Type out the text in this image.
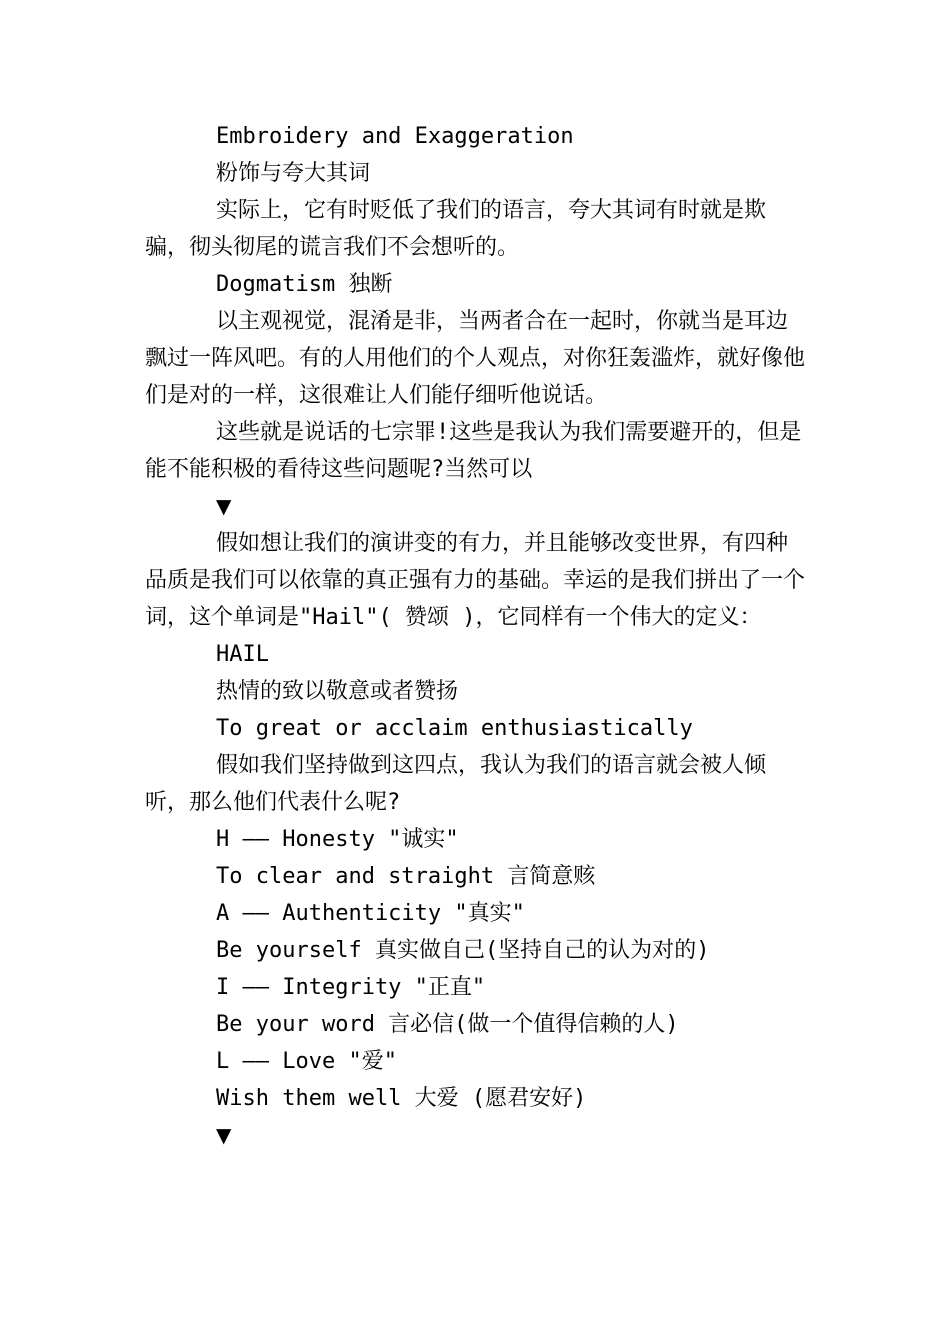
Embroidery and Exaggeration

粉饰与夸大其词

实际上，它有时贬低了我们的语言，夸大其词有时就是欺骗，彻头彻尾的谎言我们不会想听的。

Dogmatism 独断

以主观视觉，混淆是非，当两者合在一起时，你就当是耳边飘过一阵风吧。有的人用他们的个人观点，对你狂轰滥炸，就好像他们是对的一样，这很难让人们能仔细听他说话。

这些就是说话的七宗罪!这些是我认为我们需要避开的，但是能不能积极的看待这些问题呢?当然可以

▼

假如想让我们的演讲变的有力，并且能够改变世界，有四种品质是我们可以依靠的真正强有力的基础。幸运的是我们拼出了一个词，这个单词是"Hail"( 赞颂 )，它同样有一个伟大的定义：

HAIL

热情的致以敬意或者赞扬

To great or acclaim enthusiastically

假如我们坚持做到这四点，我认为我们的语言就会被人倾听，那么他们代表什么呢?

H —— Honesty "诚实"

To clear and straight 言简意赅

A —— Authenticity "真实"

Be yourself 真实做自己(坚持自己的认为对的)

I —— Integrity "正直"

Be your word 言必信(做一个值得信赖的人)

L —— Love "爱"

Wish them well 大爱 (愿君安好)

▼
